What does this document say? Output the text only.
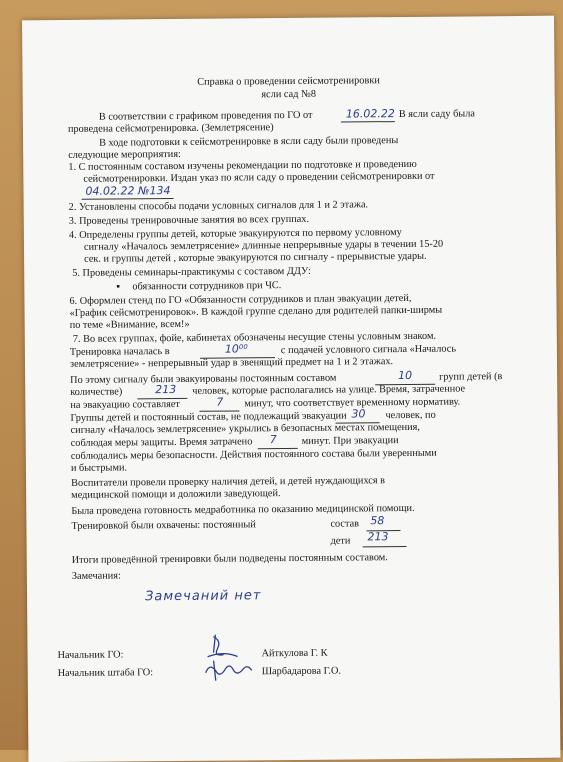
Справка о проведении сейсмотренировки
ясли сад №8
В соответствии с графиком проведения по ГО от	16.02.22 В ясли саду была
проведена сейсмотренировка. (Землетрясение)
В ходе подготовки к сейсмотренировке в ясли саду были проведены
следующие мероприятия:
1. С постоянным составом изучены рекомендации по подготовке и проведению
сейсмотренировки. Издан указ по ясли саду о проведении сейсмотренировки от
04.02.22 №134
2. Установлены способы подачи условных сигналов для 1 и 2 этажа.
3. Проведены тренировочные занятия во всех группах.
4. Определены группы детей, которые эвакуируются по первому условному
сигналу «Началось землетрясение» длинные непрерывные удары в течении 15-20
сек. и группы детей , которые эвакуируются по сигналу - прерывистые удары.
5. Проведены семинары-практикумы с составом ДДУ:
▪ обязанности сотрудников при ЧС.
6. Оформлен стенд по ГО «Обязанности сотрудников и план эвакуации детей,
«График сейсмотренировок». В каждой группе сделано для родителей папки-ширмы
по теме «Внимание, всем!»
7. Во всех группах, фойе, кабинетах обозначены несущие стены условным знаком.
Тренировка началась в	10⁰⁰	с подачей условного сигнала «Началось
землетрясение» - непрерывный удар в звенящий предмет на 1 и 2 этажах.
По этому сигналу были эвакуированы постоянным составом	10	групп детей (в
количестве)	213 человек, которые располагались на улице. Время, затраченное
на эвакуацию составляет	7 минут, что соответствует временному нормативу.
Группы детей и постоянный состав, не подлежащий эвакуации 30 человек, по
сигналу «Началось землетрясение» укрылись в безопасных местах помещения,
соблюдая меры защиты. Время затрачено 7 минут. При эвакуации
соблюдались меры безопасности. Действия постоянного состава были уверенными
и быстрыми.
Воспитатели провели проверку наличия детей, и детей нуждающихся в
медицинской помощи и доложили заведующей.
Была проведена готовность медработника по оказанию медицинской помощи.
Тренировкой были охвачены: постоянный	состав 58
дети 213
Итоги проведённой тренировки были подведены постоянным составом.
Замечания:
Замечаний нет
Начальник ГО:	Айткулова Г. К
Начальник штаба ГО:	Шарбадарова Г.О.
